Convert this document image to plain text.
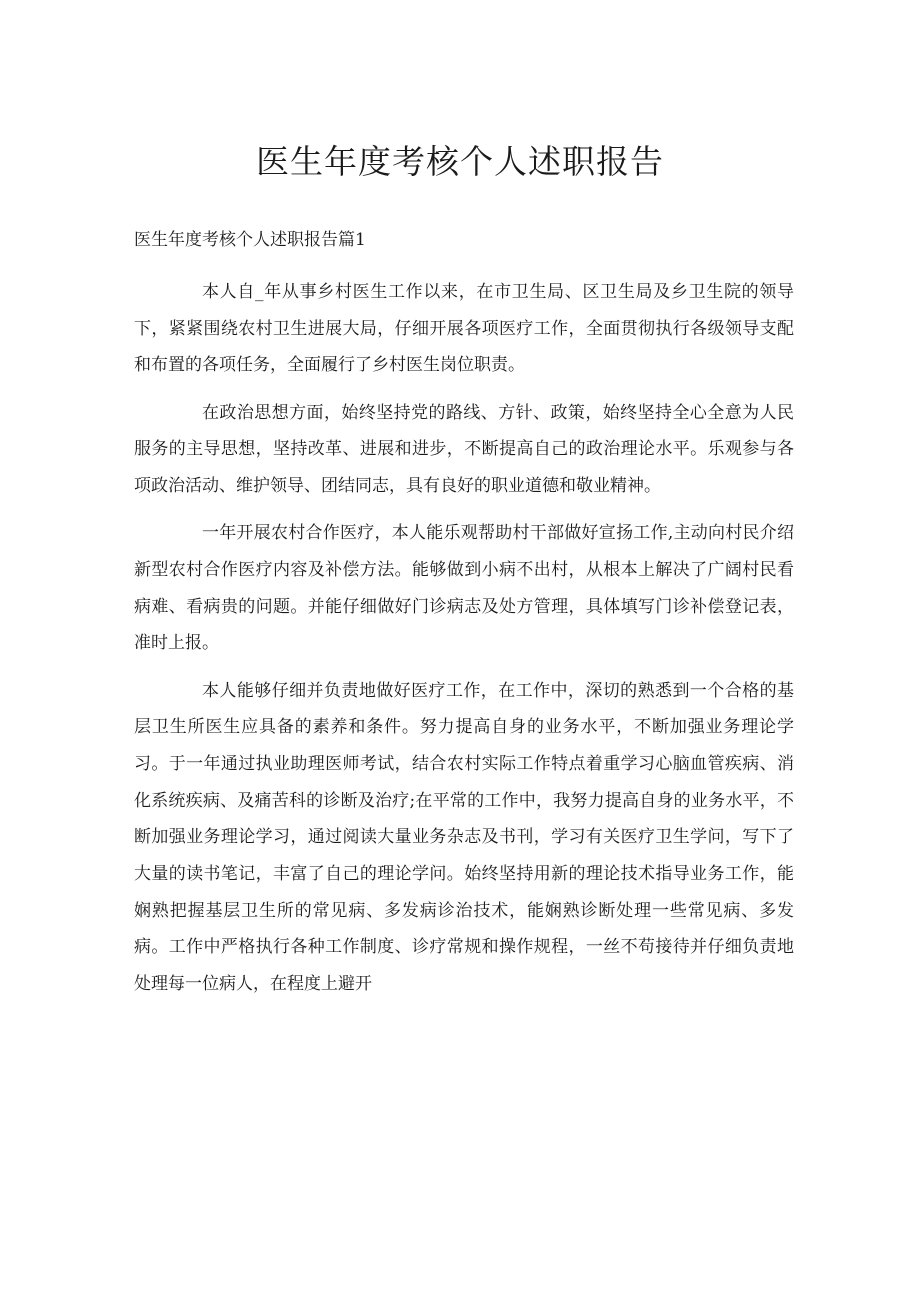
医生年度考核个人述职报告

医生年度考核个人述职报告篇1

本人自_年从事乡村医生工作以来，在市卫生局、区卫生局及乡卫生院的领导下，紧紧围绕农村卫生进展大局，仔细开展各项医疗工作，全面贯彻执行各级领导支配和布置的各项任务，全面履行了乡村医生岗位职责。

在政治思想方面，始终坚持党的路线、方针、政策，始终坚持全心全意为人民服务的主导思想，坚持改革、进展和进步，不断提高自己的政治理论水平。乐观参与各项政治活动、维护领导、团结同志，具有良好的职业道德和敬业精神。

一年开展农村合作医疗，本人能乐观帮助村干部做好宣扬工作,主动向村民介绍新型农村合作医疗内容及补偿方法。能够做到小病不出村，从根本上解决了广阔村民看病难、看病贵的问题。并能仔细做好门诊病志及处方管理，具体填写门诊补偿登记表，准时上报。

本人能够仔细并负责地做好医疗工作，在工作中，深切的熟悉到一个合格的基层卫生所医生应具备的素养和条件。努力提高自身的业务水平，不断加强业务理论学习。于一年通过执业助理医师考试，结合农村实际工作特点着重学习心脑血管疾病、消化系统疾病、及痛苦科的诊断及治疗;在平常的工作中，我努力提高自身的业务水平，不断加强业务理论学习，通过阅读大量业务杂志及书刊，学习有关医疗卫生学问，写下了大量的读书笔记，丰富了自己的理论学问。始终坚持用新的理论技术指导业务工作，能娴熟把握基层卫生所的常见病、多发病诊治技术，能娴熟诊断处理一些常见病、多发病。工作中严格执行各种工作制度、诊疗常规和操作规程，一丝不苟接待并仔细负责地处理每一位病人，在程度上避开
